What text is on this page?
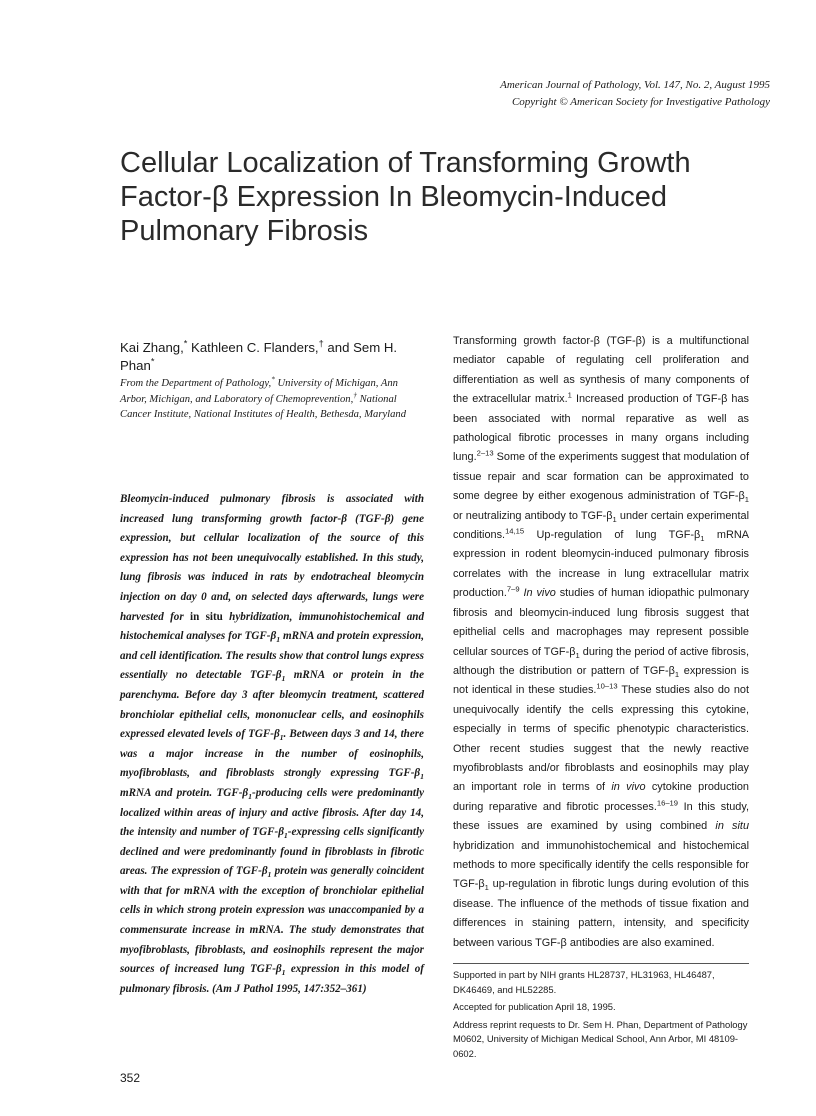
American Journal of Pathology, Vol. 147, No. 2, August 1995
Copyright © American Society for Investigative Pathology
Cellular Localization of Transforming Growth Factor-β Expression In Bleomycin-Induced Pulmonary Fibrosis
Kai Zhang,* Kathleen C. Flanders,† and Sem H. Phan*
From the Department of Pathology,* University of Michigan, Ann Arbor, Michigan, and Laboratory of Chemoprevention,† National Cancer Institute, National Institutes of Health, Bethesda, Maryland

Bleomycin-induced pulmonary fibrosis is associated with increased lung transforming growth factor-β (TGF-β) gene expression, but cellular localization of the source of this expression has not been unequivocally established. In this study, lung fibrosis was induced in rats by endotracheal bleomycin injection on day 0 and, on selected days afterwards, lungs were harvested for in situ hybridization, immunohistochemical and histochemical analyses for TGF-$\beta_1$ mRNA and protein expression, and cell identification. The results show that control lungs express essentially no detectable TGF-$\beta_1$ mRNA or protein in the parenchyma. Before day 3 after bleomycin treatment, scattered bronchiolar epithelial cells, mononuclear cells, and eosinophils expressed elevated levels of TGF-$\beta_1$. Between days 3 and 14, there was a major increase in the number of eosinophils, myofibroblasts, and fibroblasts strongly expressing TGF-$\beta_1$ mRNA and protein. TGF-$\beta_1$-producing cells were predominantly localized within areas of injury and active fibrosis. After day 14, the intensity and number of TGF-$\beta_1$-expressing cells significantly declined and were predominantly found in fibroblasts in fibrotic areas. The expression of TGF-$\beta_1$ protein was generally coincident with that for mRNA with the exception of bronchiolar epithelial cells in which strong protein expression was unaccompanied by a commensurate increase in mRNA. The study demonstrates that myofibroblasts, fibroblasts, and eosinophils represent the major sources of increased lung TGF-$\beta_1$ expression in this model of pulmonary fibrosis. (Am J Pathol 1995, 147:352–361)

Transforming growth factor-β (TGF-β) is a multifunctional mediator capable of regulating cell proliferation and differentiation as well as synthesis of many components of the extracellular matrix.$^1$ Increased production of TGF-β has been associated with normal reparative as well as pathological fibrotic processes in many organs including lung.$^{2-13}$ Some of the experiments suggest that modulation of tissue repair and scar formation can be approximated to some degree by either exogenous administration of TGF-$\beta_1$ or neutralizing antibody to TGF-$\beta_1$ under certain experimental conditions.$^{14,15}$ Up-regulation of lung TGF-$\beta_1$ mRNA expression in rodent bleomycin-induced pulmonary fibrosis correlates with the increase in lung extracellular matrix production.$^{7-9}$ In vivo studies of human idiopathic pulmonary fibrosis and bleomycin-induced lung fibrosis suggest that epithelial cells and macrophages may represent possible cellular sources of TGF-$\beta_1$ during the period of active fibrosis, although the distribution or pattern of TGF-$\beta_1$ expression is not identical in these studies.$^{10-13}$ These studies also do not unequivocally identify the cells expressing this cytokine, especially in terms of specific phenotypic characteristics. Other recent studies suggest that the newly reactive myofibroblasts and/or fibroblasts and eosinophils may play an important role in terms of in vivo cytokine production during reparative and fibrotic processes.$^{16-19}$ In this study, these issues are examined by using combined in situ hybridization and immunohistochemical and histochemical methods to more specifically identify the cells responsible for TGF-$\beta_1$ up-regulation in fibrotic lungs during evolution of this disease. The influence of the methods of tissue fixation and differences in staining pattern, intensity, and specificity between various TGF-β antibodies are also examined.

Supported in part by NIH grants HL28737, HL31963, HL46487, DK46469, and HL52285.

Accepted for publication April 18, 1995.

Address reprint requests to Dr. Sem H. Phan, Department of Pathology M0602, University of Michigan Medical School, Ann Arbor, MI 48109-0602.

352
